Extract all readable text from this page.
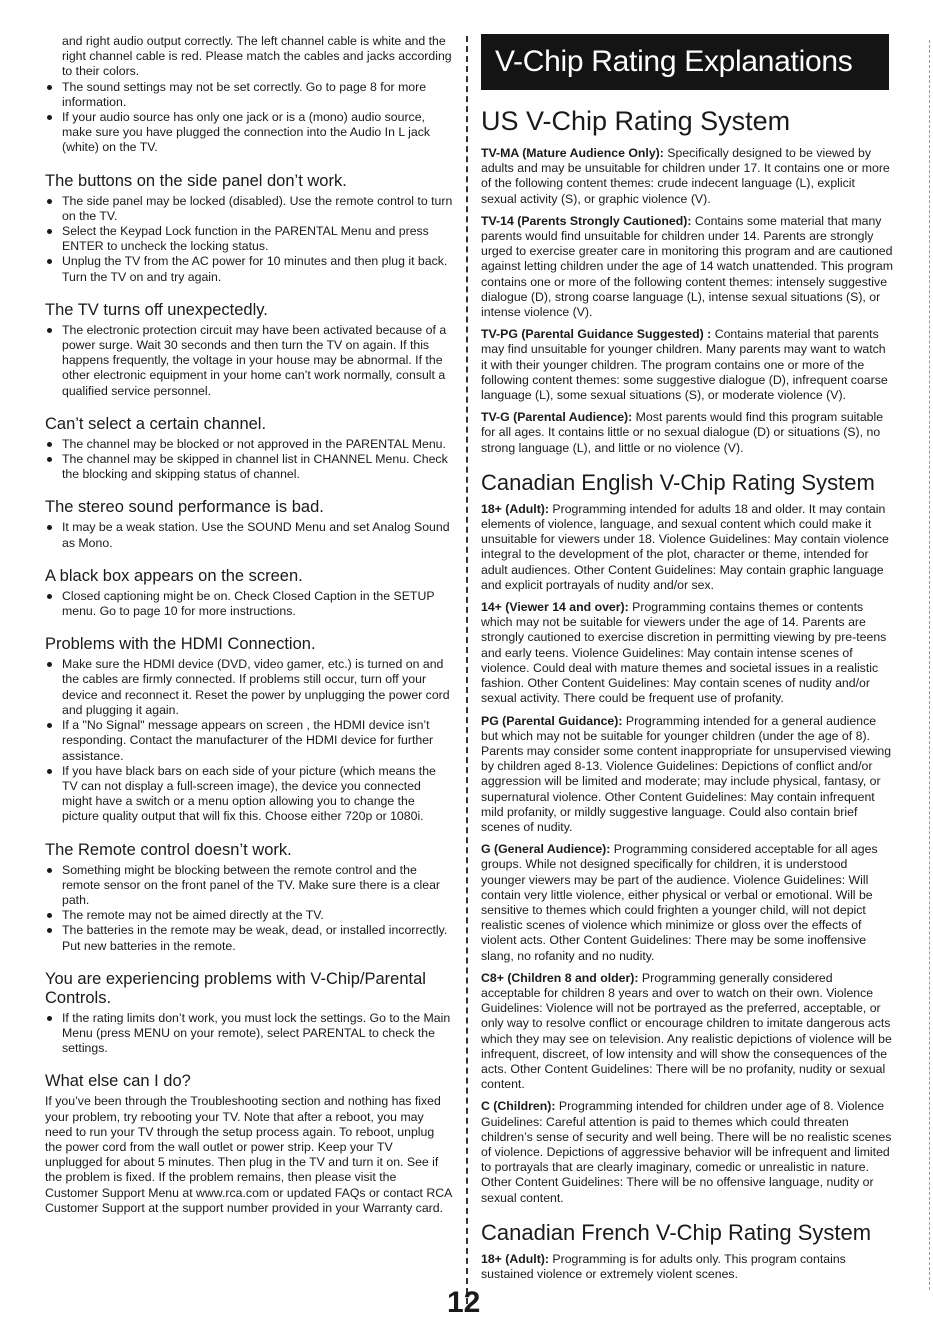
and right audio output correctly. The left channel cable is white and the right channel cable is red. Please match the cables and jacks according to their colors.

The sound settings may not be set correctly. Go to page 8 for more information.
If your audio source has only one jack or is a (mono) audio source, make sure you have plugged the connection into the Audio In L jack (white) on the TV.
The buttons on the side panel don’t work.
The side panel may be locked (disabled). Use the remote control to turn on the TV.
Select the Keypad Lock function in the PARENTAL Menu and press ENTER to uncheck the locking status.
Unplug the TV from the AC power for 10 minutes and then plug it back. Turn the TV on and try again.
The TV turns off unexpectedly.
The electronic protection circuit may have been activated because of a power surge. Wait 30 seconds and then turn the TV on again. If this happens frequently, the voltage in your house may be abnormal. If the other electronic equipment in your home can’t work normally, consult a qualified service personnel.
Can’t select a certain channel.
The channel may be blocked or not approved in the PARENTAL Menu.
The channel may be skipped in channel list in CHANNEL Menu. Check the blocking and skipping status of channel.
The stereo sound performance is bad.
It may be a weak station. Use the SOUND Menu and set Analog Sound as Mono.
A black box appears on the screen.
Closed captioning might be on. Check Closed Caption in the SETUP menu. Go to page 10 for more instructions.
Problems with the HDMI Connection.
Make sure the HDMI device (DVD, video gamer, etc.) is turned on and the cables are firmly connected. If problems still occur, turn off your device and reconnect it. Reset the power by unplugging the power cord and plugging it again.
If a "No Signal" message appears on screen , the HDMI device isn’t responding. Contact the manufacturer of the HDMI device for further assistance.
If you have black bars on each side of your picture (which means the TV can not display a full-screen image), the device you connected might have a switch or a menu option allowing you to change the picture quality output that will fix this. Choose either 720p or 1080i.
The Remote control doesn’t work.
Something might be blocking between the remote control and the remote sensor on the front panel of the TV. Make sure there is a clear path.
The remote may not be aimed directly at the TV.
The batteries in the remote may be weak, dead, or installed incorrectly. Put new batteries in the remote.
You are experiencing problems with V-Chip/Parental Controls.
If the rating limits don’t work, you must lock the settings. Go to the Main Menu (press MENU on your remote), select PARENTAL to check the settings.
What else can I do?

If you’ve been through the Troubleshooting section and nothing has fixed your problem, try rebooting your TV. Note that after a reboot, you may need to run your TV through the setup process again. To reboot, unplug the power cord from the wall outlet or power strip. Keep your TV unplugged for about 5 minutes. Then plug in the TV and turn it on. See if the problem is fixed. If the problem remains, then please visit the Customer Support Menu at www.rca.com or updated FAQs or contact RCA Customer Support at the support number provided in your Warranty card.

V-Chip Rating Explanations
US V-Chip Rating System

TV-MA (Mature Audience Only): Specifically designed to be viewed by adults and may be unsuitable for children under 17. It contains one or more of the following content themes: crude indecent language (L), explicit sexual activity (S), or graphic violence (V).

TV-14 (Parents Strongly Cautioned): Contains some material that many parents would find unsuitable for children under 14. Parents are strongly urged to exercise greater care in monitoring this program and are cautioned against letting children under the age of 14 watch unattended. This program contains one or more of the following content themes: intensely suggestive dialogue (D), strong coarse language (L), intense sexual situations (S), or intense violence (V).

TV-PG (Parental Guidance Suggested) : Contains material that parents may find unsuitable for younger children. Many parents may want to watch it with their younger children. The program contains one or more of the following content themes: some suggestive dialogue (D), infrequent coarse language (L), some sexual situations (S), or moderate violence (V).

TV-G (Parental Audience): Most parents would find this program suitable for all ages. It contains little or no sexual dialogue (D) or situations (S), no strong language (L), and little or no violence (V).

Canadian English V-Chip Rating System

18+ (Adult): Programming intended for adults 18 and older. It may contain elements of violence, language, and sexual content which could make it unsuitable for viewers under 18. Violence Guidelines: May contain violence integral to the development of the plot, character or theme, intended for adult audiences. Other Content Guidelines: May contain graphic language and explicit portrayals of nudity and/or sex.

14+ (Viewer 14 and over): Programming contains themes or contents which may not be suitable for viewers under the age of 14. Parents are strongly cautioned to exercise discretion in permitting viewing by pre-teens and early teens. Violence Guidelines: May contain intense scenes of violence. Could deal with mature themes and societal issues in a realistic fashion. Other Content Guidelines: May contain scenes of nudity and/or sexual activity. There could be frequent use of profanity.

PG (Parental Guidance): Programming intended for a general audience but which may not be suitable for younger children (under the age of 8). Parents may consider some content inappropriate for unsupervised viewing by children aged 8-13. Violence Guidelines: Depictions of conflict and/or aggression will be limited and moderate; may include physical, fantasy, or supernatural violence. Other Content Guidelines: May contain infrequent mild profanity, or mildly suggestive language. Could also contain brief scenes of nudity.

G (General Audience): Programming considered acceptable for all ages groups. While not designed specifically for children, it is understood younger viewers may be part of the audience. Violence Guidelines: Will contain very little violence, either physical or verbal or emotional. Will be sensitive to themes which could frighten a younger child, will not depict realistic scenes of violence which minimize or gloss over the effects of violent acts. Other Content Guidelines: There may be some inoffensive slang, no rofanity and no nudity.

C8+ (Children 8 and older): Programming generally considered acceptable for children 8 years and over to watch on their own. Violence Guidelines: Violence will not be portrayed as the preferred, acceptable, or only way to resolve conflict or encourage children to imitate dangerous acts which they may see on television. Any realistic depictions of violence will be infrequent, discreet, of low intensity and will show the consequences of the acts. Other Content Guidelines: There will be no profanity, nudity or sexual content.

C (Children): Programming intended for children under age of 8. Violence Guidelines: Careful attention is paid to themes which could threaten children’s sense of security and well being. There will be no realistic scenes of violence. Depictions of aggressive behavior will be infrequent and limited to portrayals that are clearly imaginary, comedic or unrealistic in nature. Other Content Guidelines: There will be no offensive language, nudity or sexual content.

Canadian French V-Chip Rating System

18+ (Adult): Programming is for adults only. This program contains sustained violence or extremely violent scenes.

12
